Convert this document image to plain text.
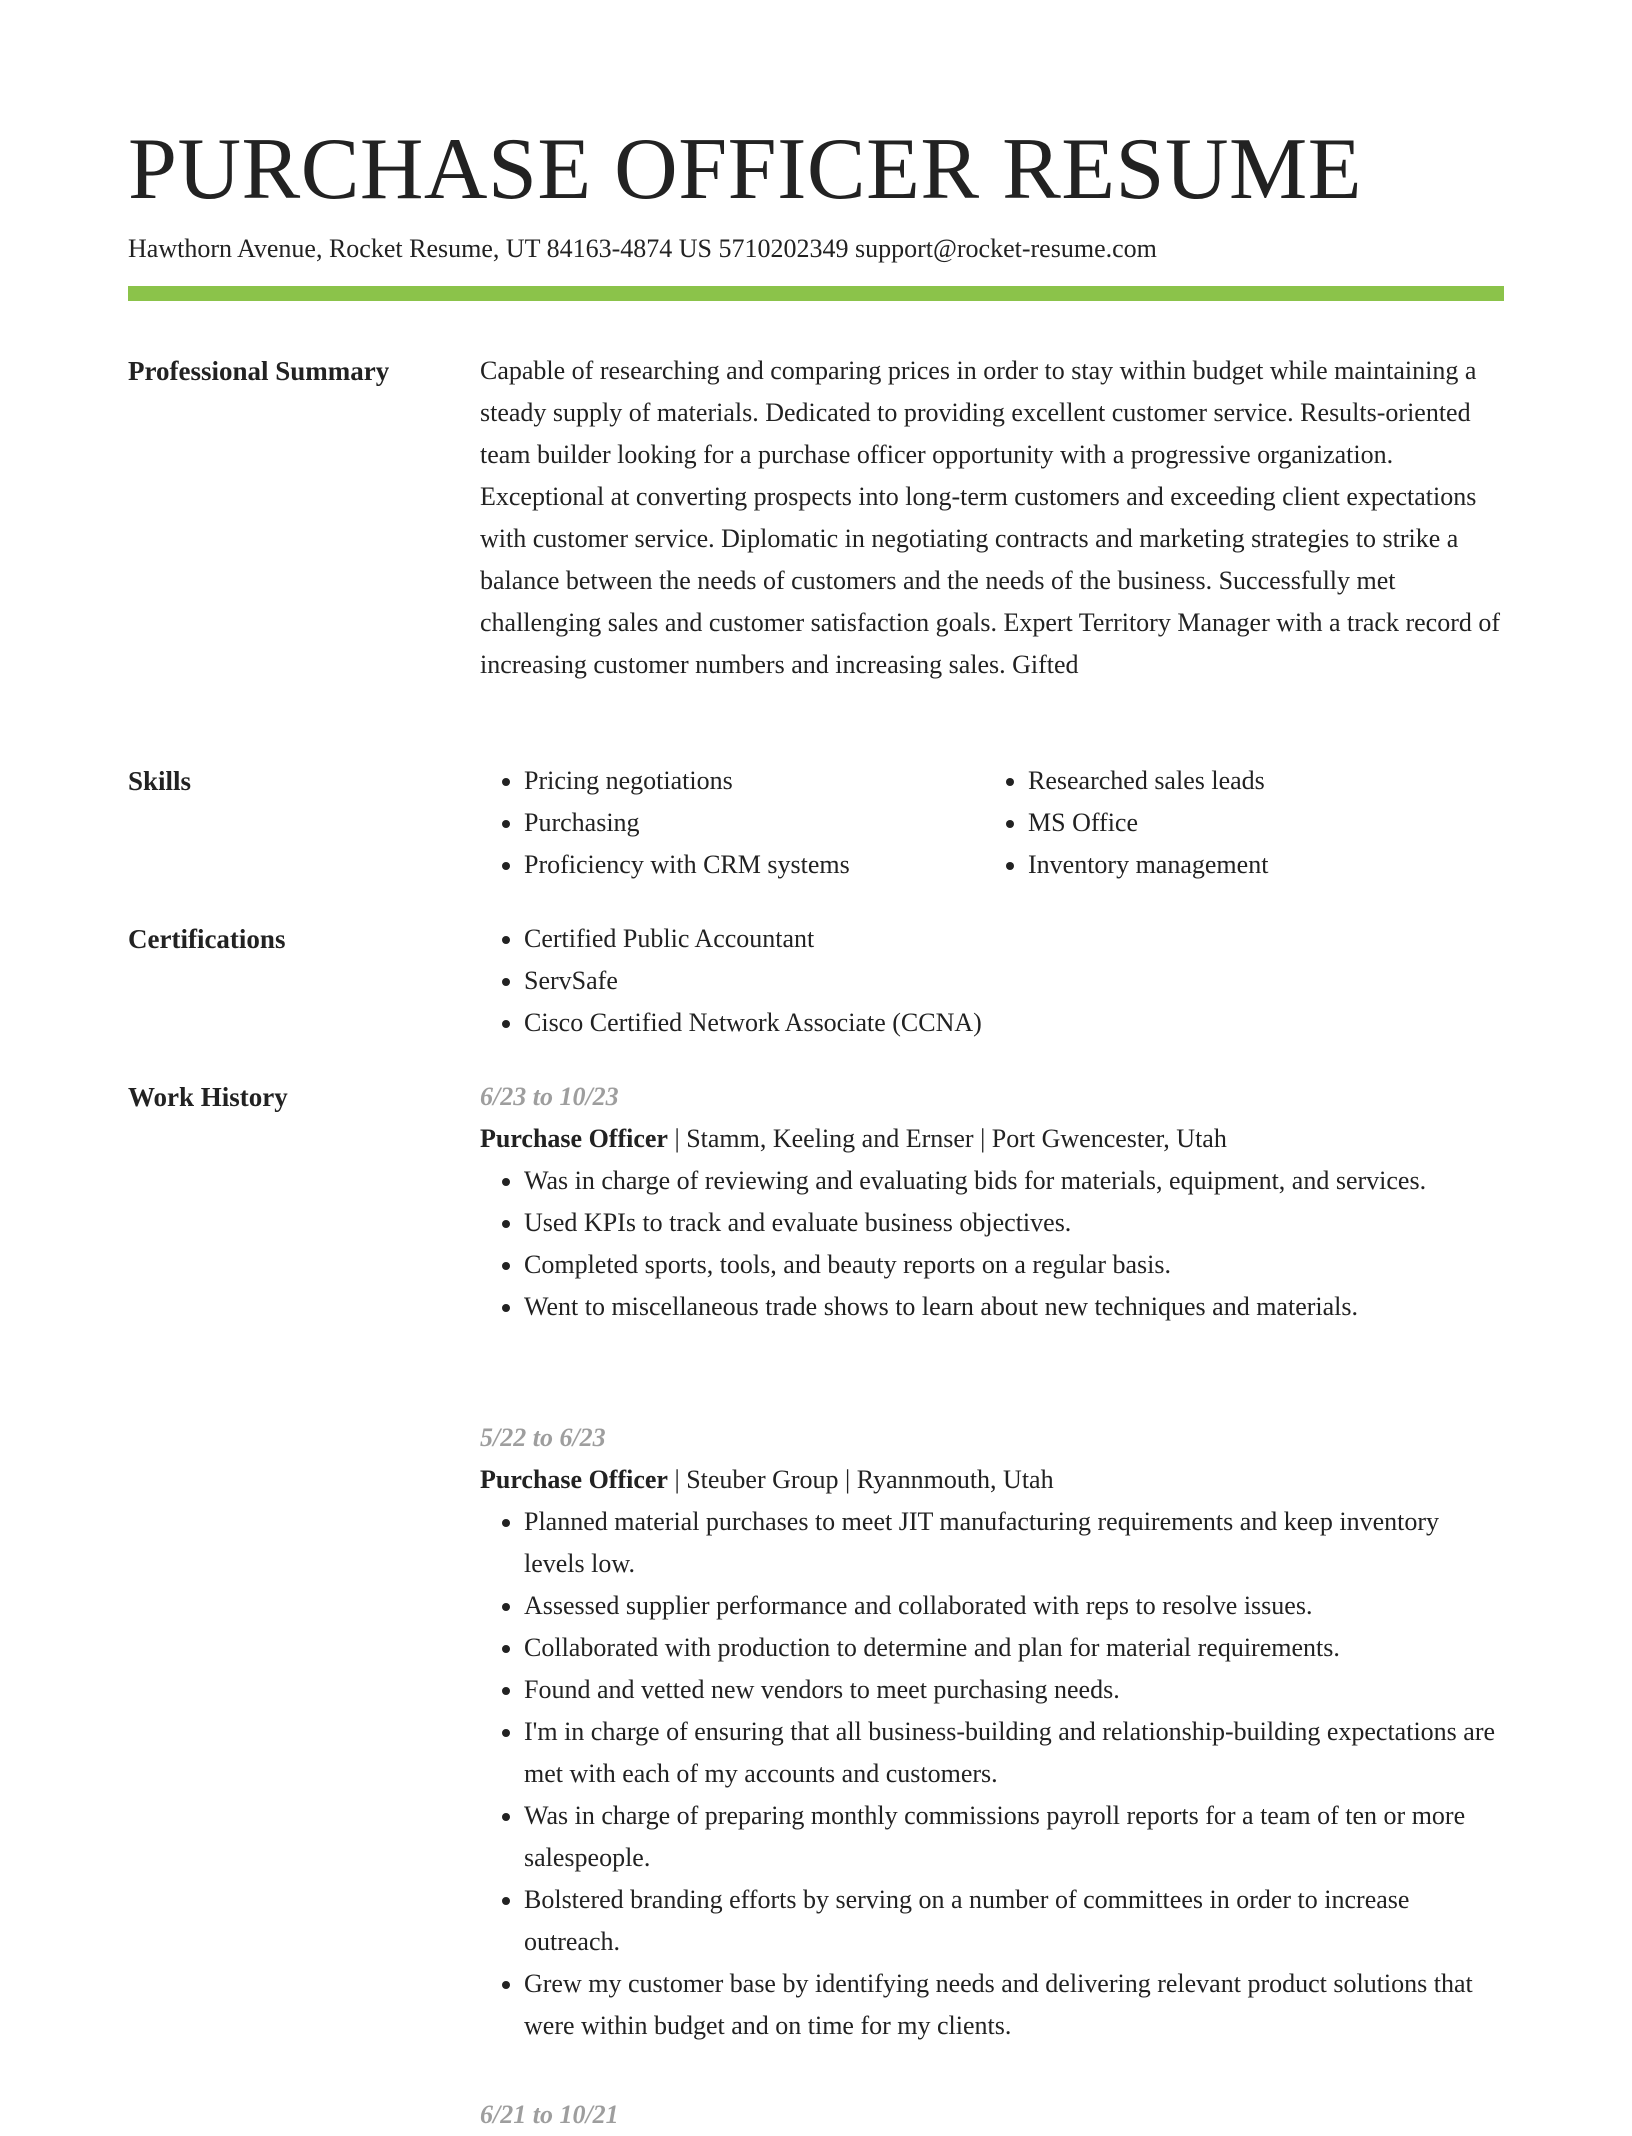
PURCHASE OFFICER RESUME

Hawthorn Avenue, Rocket Resume, UT 84163-4874 US 5710202349 support@rocket-resume.com

Professional Summary	Capable of researching and comparing prices in order to stay within budget while maintaining a steady supply of materials. Dedicated to providing excellent customer service. Results-oriented team builder looking for a purchase officer opportunity with a progressive organization. Exceptional at converting prospects into long-term customers and exceeding client expectations with customer service. Diplomatic in negotiating contracts and marketing strategies to strike a balance between the needs of customers and the needs of the business. Successfully met challenging sales and customer satisfaction goals. Expert Territory Manager with a track record of increasing customer numbers and increasing sales. Gifted

Skills	• Pricing negotiations
• Purchasing
• Proficiency with CRM systems
• Researched sales leads
• MS Office
• Inventory management
Certifications	• Certified Public Accountant
• ServSafe
• Cisco Certified Network Associate (CCNA)
Work History	6/23 to 10/23
Purchase Officer | Stamm, Keeling and Ernser | Port Gwencester, Utah
• Was in charge of reviewing and evaluating bids for materials, equipment, and services.
• Used KPIs to track and evaluate business objectives.
• Completed sports, tools, and beauty reports on a regular basis.
• Went to miscellaneous trade shows to learn about new techniques and materials.
5/22 to 6/23
Purchase Officer | Steuber Group | Ryannmouth, Utah
• Planned material purchases to meet JIT manufacturing requirements and keep inventory levels low.
• Assessed supplier performance and collaborated with reps to resolve issues.
• Collaborated with production to determine and plan for material requirements.
• Found and vetted new vendors to meet purchasing needs.
• I'm in charge of ensuring that all business-building and relationship-building expectations are met with each of my accounts and customers.
• Was in charge of preparing monthly commissions payroll reports for a team of ten or more salespeople.
• Bolstered branding efforts by serving on a number of committees in order to increase outreach.
• Grew my customer base by identifying needs and delivering relevant product solutions that were within budget and on time for my clients.
6/21 to 10/21
